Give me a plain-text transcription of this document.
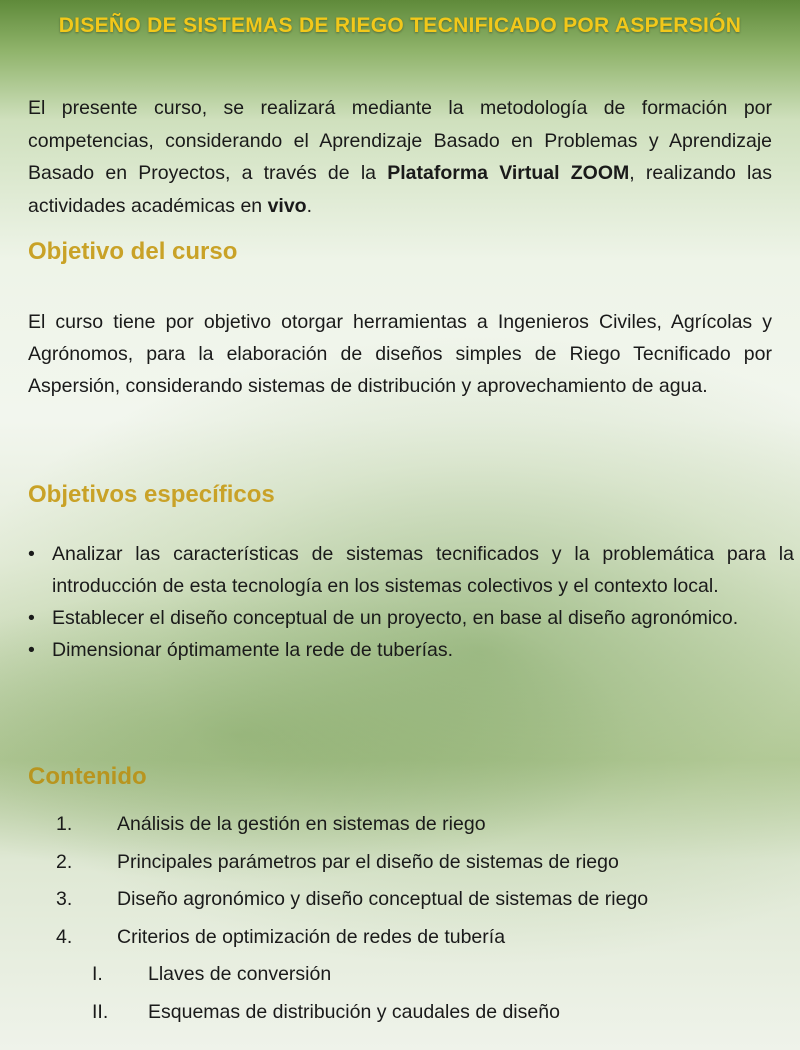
DISEÑO DE SISTEMAS DE RIEGO TECNIFICADO POR ASPERSIÓN

El presente curso, se realizará mediante la metodología de formación por competencias, considerando el Aprendizaje Basado en Problemas y Aprendizaje Basado en Proyectos, a través de la Plataforma Virtual ZOOM, realizando las actividades académicas en vivo.

Objetivo del curso

El curso tiene por objetivo otorgar herramientas a Ingenieros Civiles, Agrícolas y Agrónomos, para la elaboración de diseños simples de Riego Tecnificado por Aspersión, considerando sistemas de distribución y aprovechamiento de agua.

Objetivos específicos
• Analizar las características de sistemas tecnificados y la problemática para la introducción de esta tecnología en los sistemas colectivos y el contexto local.
• Establecer el diseño conceptual de un proyecto, en base al diseño agronómico.
• Dimensionar óptimamente la rede de tuberías.
Contenido
1.	Análisis de la gestión en sistemas de riego
2.	Principales parámetros par el diseño de sistemas de riego
3.	Diseño agronómico y diseño conceptual de sistemas de riego
4.	Criterios de optimización de redes de tubería
I.	Llaves de conversión
II.	Esquemas de distribución y caudales de diseño
